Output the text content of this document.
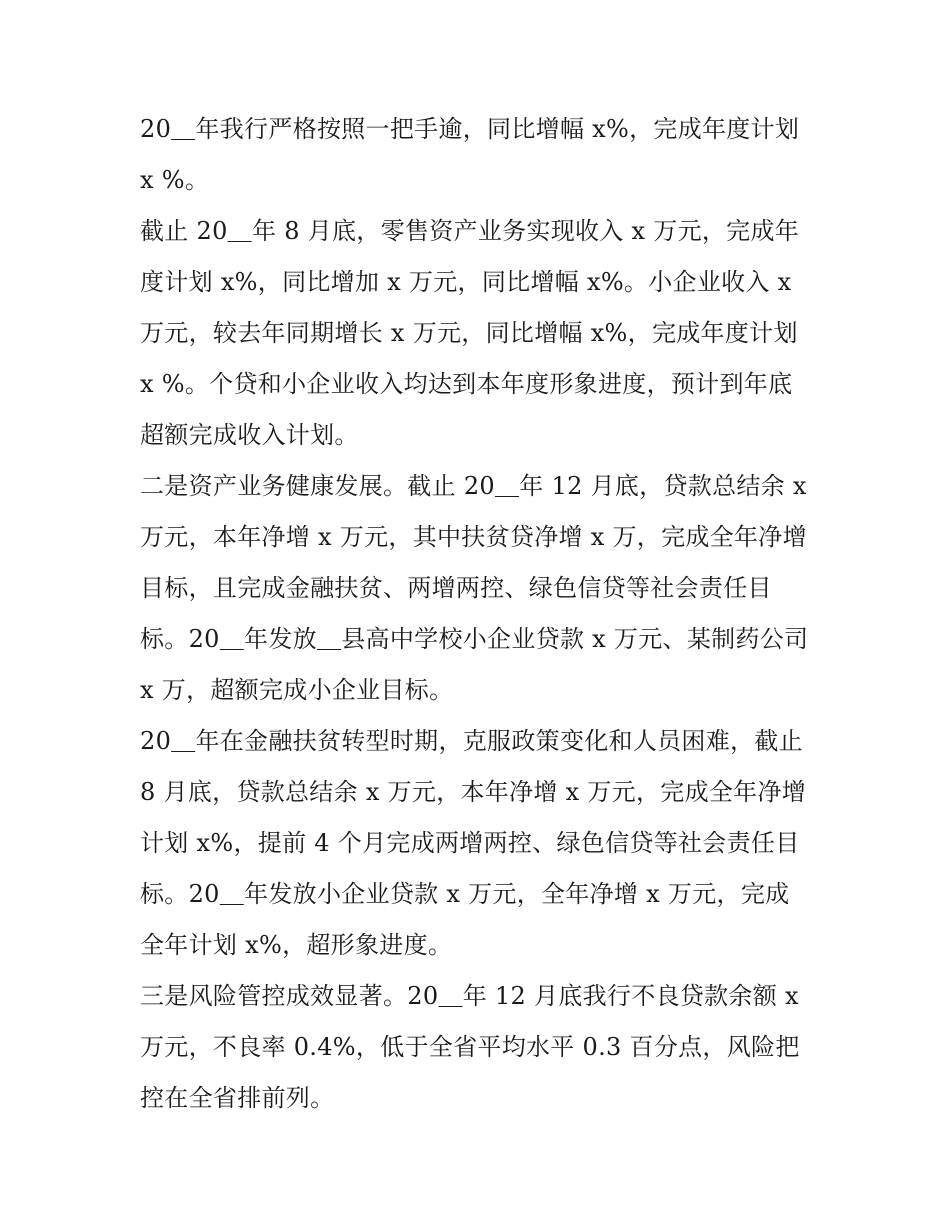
20＿年我行严格按照一把手逾，同比增幅 x%，完成年度计划 x %。

截止 20＿年 8 月底，零售资产业务实现收入 x 万元，完成年度计划 x%，同比增加 x 万元，同比增幅 x%。小企业收入 x 万元，较去年同期增长 x 万元，同比增幅 x%，完成年度计划 x %。个贷和小企业收入均达到本年度形象进度，预计到年底超额完成收入计划。

二是资产业务健康发展。截止 20＿年 12 月底，贷款总结余 x 万元，本年净增 x 万元，其中扶贫贷净增 x 万，完成全年净增目标，且完成金融扶贫、两增两控、绿色信贷等社会责任目标。20＿年发放＿县高中学校小企业贷款 x 万元、某制药公司 x 万，超额完成小企业目标。

20＿年在金融扶贫转型时期，克服政策变化和人员困难，截止 8 月底，贷款总结余 x 万元，本年净增 x 万元，完成全年净增计划 x%，提前 4 个月完成两增两控、绿色信贷等社会责任目标。20＿年发放小企业贷款 x 万元，全年净增 x 万元，完成全年计划 x%，超形象进度。

三是风险管控成效显著。20＿年 12 月底我行不良贷款余额 x 万元，不良率 0.4%，低于全省平均水平 0.3 百分点，风险把控在全省排前列。
